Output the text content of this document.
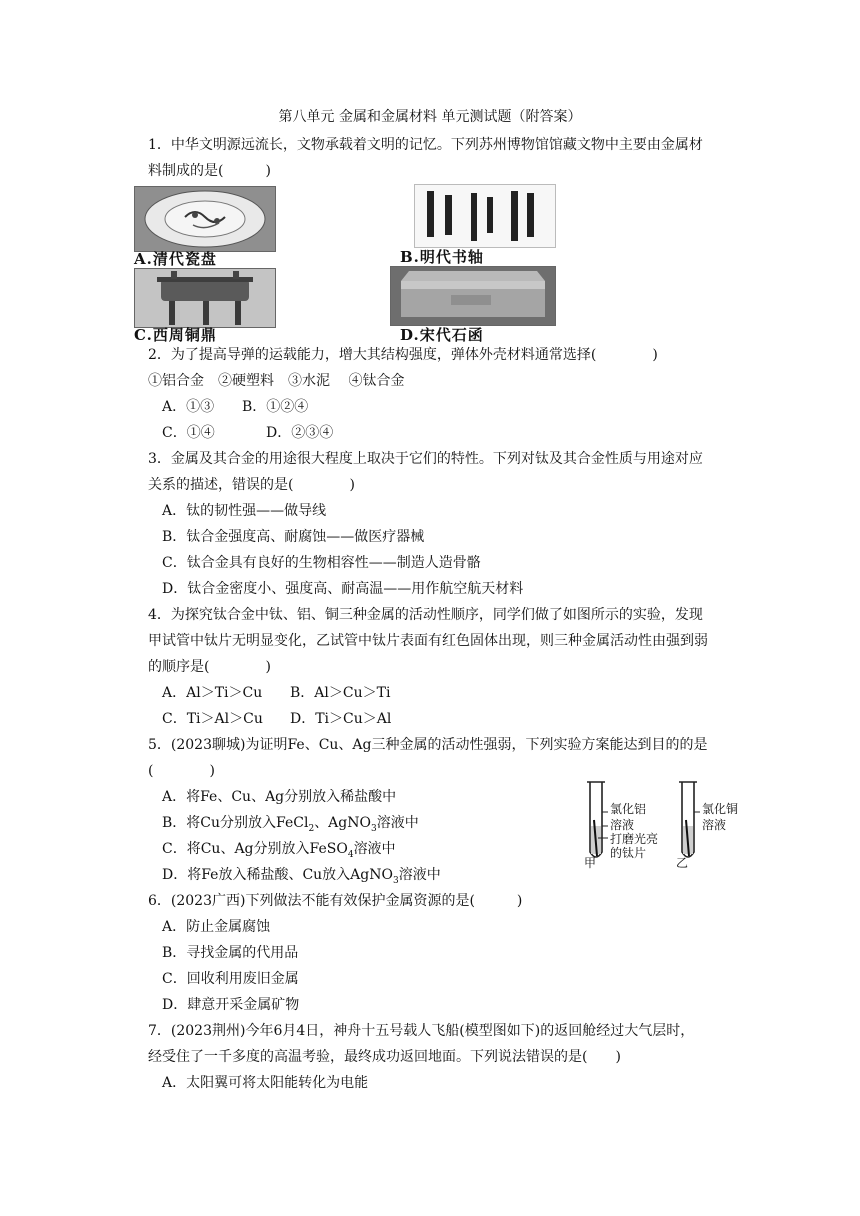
第八单元 金属和金属材料 单元测试题（附答案）
1．中华文明源远流长，文物承载着文明的记忆。下列苏州博物馆馆藏文物中主要由金属材
料制成的是(　　　)
A.清代瓷盘	B.明代书轴
C.西周铜鼎	D.宋代石函
2．为了提高导弹的运载能力，增大其结构强度，弹体外壳材料通常选择(　　　　)
①铝合金　②硬塑料　③水泥　 ④钛合金
A．①③ B．①②④
C．①④	D．②③④
3．金属及其合金的用途很大程度上取决于它们的特性。下列对钛及其合金性质与用途对应
关系的描述，错误的是(　　　　)
A．钛的韧性强——做导线
B．钛合金强度高、耐腐蚀——做医疗器械
C．钛合金具有良好的生物相容性——制造人造骨骼
D．钛合金密度小、强度高、耐高温——用作航空航天材料
4．为探究钛合金中钛、铝、铜三种金属的活动性顺序，同学们做了如图所示的实验，发现
甲试管中钛片无明显变化，乙试管中钛片表面有红色固体出现，则三种金属活动性由强到弱
的顺序是(　　　　)
A．Al＞Ti＞Cu B．Al＞Cu＞Ti
C．Ti＞Al＞Cu D．Ti＞Cu＞Al
5．(2023聊城)为证明Fe、Cu、Ag三种金属的活动性强弱，下列实验方案能达到目的的是
(　　　　)
A．将Fe、Cu、Ag分别放入稀盐酸中
B．将Cu分别放入FeCl$_2$、AgNO$_3$溶液中
C．将Cu、Ag分别放入FeSO$_4$溶液中
D．将Fe放入稀盐酸、Cu放入AgNO$_3$溶液中
氯化铝
溶液
打磨光亮
的钛片
氯化铜
溶液
甲	乙
6．(2023广西)下列做法不能有效保护金属资源的是(　　　)
A．防止金属腐蚀
B．寻找金属的代用品
C．回收利用废旧金属
D．肆意开采金属矿物
7．(2023荆州)今年6月4日，神舟十五号载人飞船(模型图如下)的返回舱经过大气层时，
经受住了一千多度的高温考验，最终成功返回地面。下列说法错误的是(　　)
A．太阳翼可将太阳能转化为电能
